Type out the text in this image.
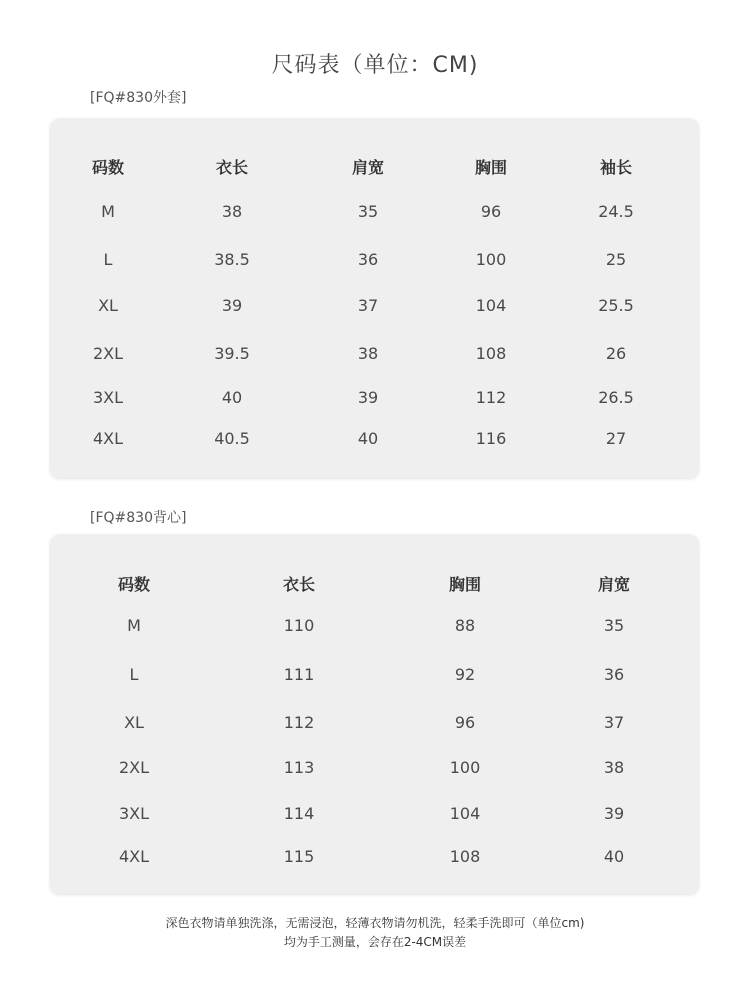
尺码表（单位：CM)
[FQ#830外套]
码数	衣长	肩宽	胸围	袖长
M	38	35	96	24.5
L	38.5	36	100	25
XL	39	37	104	25.5
2XL	39.5	38	108	26
3XL	40	39	112	26.5
4XL	40.5	40	116	27
[FQ#830背心]
码数	衣长	胸围	肩宽
M	110	88	35
L	111	92	36
XL	112	96	37
2XL	113	100	38
3XL	114	104	39
4XL	115	108	40
深色衣物请单独洗涤，无需浸泡，轻薄衣物请勿机洗，轻柔手洗即可（单位cm)
均为手工测量，会存在2-4CM误差
